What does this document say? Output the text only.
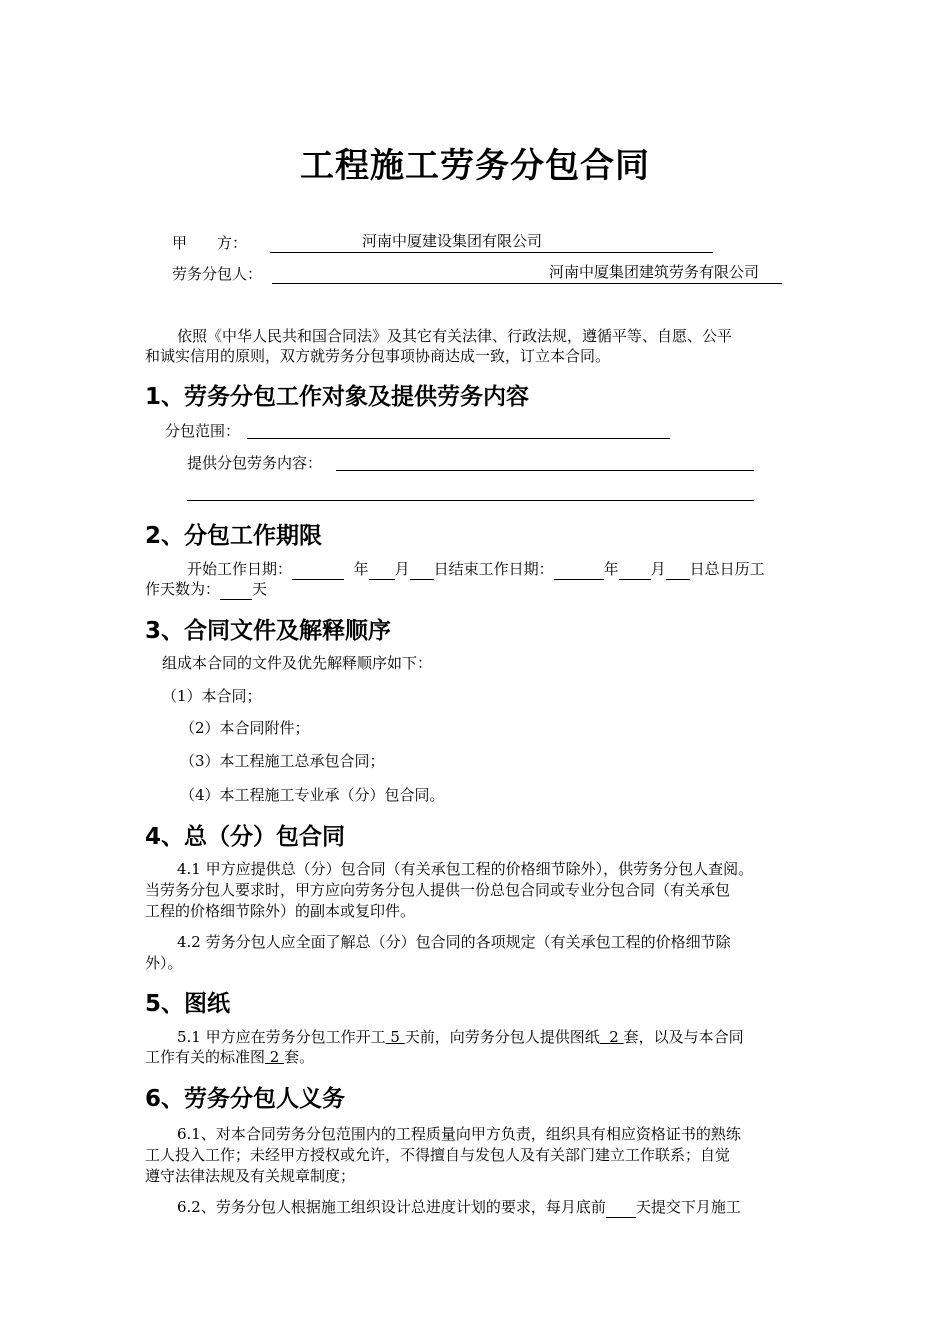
工程施工劳务分包合同
甲　　方：	河南中厦建设集团有限公司
劳务分包人：	河南中厦集团建筑劳务有限公司
依照《中华人民共和国合同法》及其它有关法律、行政法规，遵循平等、自愿、公平
和诚实信用的原则，双方就劳务分包事项协商达成一致，订立本合同。
1、劳务分包工作对象及提供劳务内容
分包范围：
提供分包劳务内容：
2、分包工作期限
开始工作日期：	年 月 日结束工作日期：	年 月 日总日历工
作天数为： 天
3、合同文件及解释顺序
组成本合同的文件及优先解释顺序如下：
（1）本合同；
（2）本合同附件；
（3）本工程施工总承包合同；
（4）本工程施工专业承（分）包合同。
4、总（分）包合同
4.1 甲方应提供总（分）包合同（有关承包工程的价格细节除外），供劳务分包人查阅。
当劳务分包人要求时，甲方应向劳务分包人提供一份总包合同或专业分包合同（有关承包
工程的价格细节除外）的副本或复印件。
4.2 劳务分包人应全面了解总（分）包合同的各项规定（有关承包工程的价格细节除
外）。
5、图纸
5.1 甲方应在劳务分包工作开工 5 天前，向劳务分包人提供图纸  2 套，以及与本合同
工作有关的标准图 2 套。
6、劳务分包人义务
6.1、对本合同劳务分包范围内的工程质量向甲方负责，组织具有相应资格证书的熟练
工人投入工作；未经甲方授权或允许，不得擅自与发包人及有关部门建立工作联系；自觉
遵守法律法规及有关规章制度；
6.2、劳务分包人根据施工组织设计总进度计划的要求，每月底前 天提交下月施工
